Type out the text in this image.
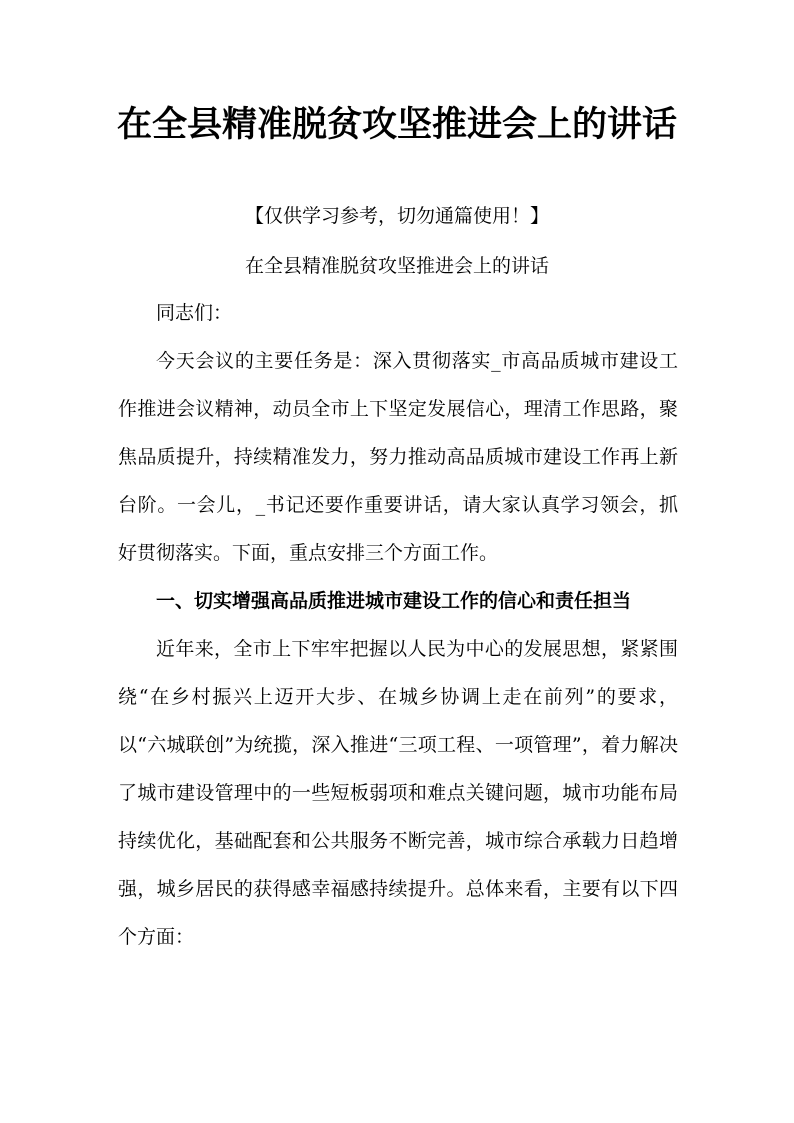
在全县精准脱贫攻坚推进会上的讲话
【仅供学习参考，切勿通篇使用！】
在全县精准脱贫攻坚推进会上的讲话

同志们：

今天会议的主要任务是：深入贯彻落实_市高品质城市建设工作推进会议精神，动员全市上下坚定发展信心，理清工作思路，聚焦品质提升，持续精准发力，努力推动高品质城市建设工作再上新台阶。一会儿，_书记还要作重要讲话，请大家认真学习领会，抓好贯彻落实。下面，重点安排三个方面工作。

一、切实增强高品质推进城市建设工作的信心和责任担当

近年来，全市上下牢牢把握以人民为中心的发展思想，紧紧围绕“在乡村振兴上迈开大步、在城乡协调上走在前列”的要求，以“六城联创”为统揽，深入推进“三项工程、一项管理”，着力解决了城市建设管理中的一些短板弱项和难点关键问题，城市功能布局持续优化，基础配套和公共服务不断完善，城市综合承载力日趋增强，城乡居民的获得感幸福感持续提升。总体来看，主要有以下四个方面：
